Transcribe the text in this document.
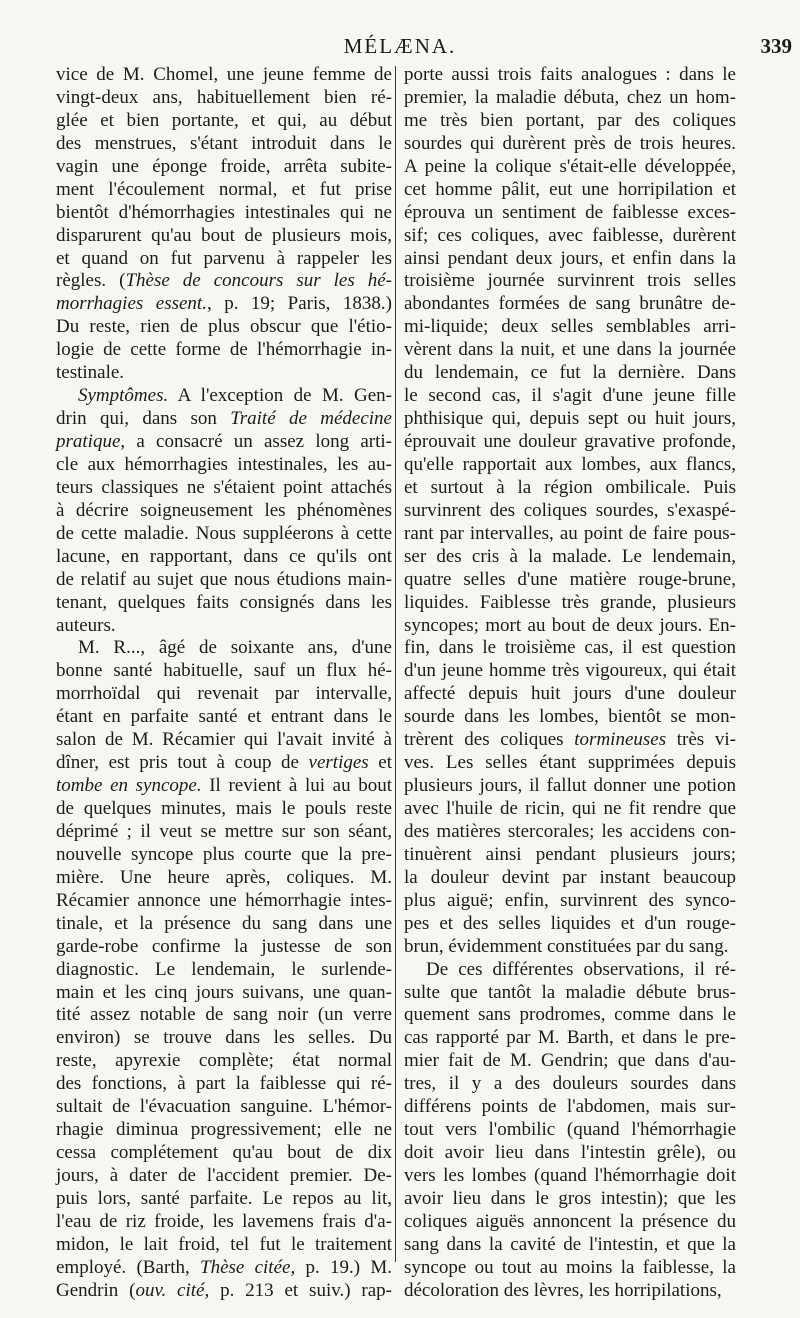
MÉLÆNA.	339
vice de M. Chomel, une jeune femme de
vingt-deux ans, habituellement bien ré-
glée et bien portante, et qui, au début
des menstrues, s'étant introduit dans le
vagin une éponge froide, arrêta subite-
ment l'écoulement normal, et fut prise
bientôt d'hémorrhagies intestinales qui ne
disparurent qu'au bout de plusieurs mois,
et quand on fut parvenu à rappeler les
règles. (Thèse de concours sur les hé-
morrhagies essent., p. 19; Paris, 1838.)
Du reste, rien de plus obscur que l'étio-
logie de cette forme de l'hémorrhagie in-
testinale.
Symptômes. A l'exception de M. Gen-
drin qui, dans son Traité de médecine
pratique, a consacré un assez long arti-
cle aux hémorrhagies intestinales, les au-
teurs classiques ne s'étaient point attachés
à décrire soigneusement les phénomènes
de cette maladie. Nous suppléerons à cette
lacune, en rapportant, dans ce qu'ils ont
de relatif au sujet que nous étudions main-
tenant, quelques faits consignés dans les
auteurs.
M. R..., âgé de soixante ans, d'une
bonne santé habituelle, sauf un flux hé-
morrhoïdal qui revenait par intervalle,
étant en parfaite santé et entrant dans le
salon de M. Récamier qui l'avait invité à
dîner, est pris tout à coup de vertiges et
tombe en syncope. Il revient à lui au bout
de quelques minutes, mais le pouls reste
déprimé ; il veut se mettre sur son séant,
nouvelle syncope plus courte que la pre-
mière. Une heure après, coliques. M.
Récamier annonce une hémorrhagie intes-
tinale, et la présence du sang dans une
garde-robe confirme la justesse de son
diagnostic. Le lendemain, le surlende-
main et les cinq jours suivans, une quan-
tité assez notable de sang noir (un verre
environ) se trouve dans les selles. Du
reste, apyrexie complète; état normal
des fonctions, à part la faiblesse qui ré-
sultait de l'évacuation sanguine. L'hémor-
rhagie diminua progressivement; elle ne
cessa complétement qu'au bout de dix
jours, à dater de l'accident premier. De-
puis lors, santé parfaite. Le repos au lit,
l'eau de riz froide, les lavemens frais d'a-
midon, le lait froid, tel fut le traitement
employé. (Barth, Thèse citée, p. 19.) M.
Gendrin (ouv. cité, p. 213 et suiv.) rap-
porte aussi trois faits analogues : dans le
premier, la maladie débuta, chez un hom-
me très bien portant, par des coliques
sourdes qui durèrent près de trois heures.
A peine la colique s'était-elle développée,
cet homme pâlit, eut une horripilation et
éprouva un sentiment de faiblesse exces-
sif; ces coliques, avec faiblesse, durèrent
ainsi pendant deux jours, et enfin dans la
troisième journée survinrent trois selles
abondantes formées de sang brunâtre de-
mi-liquide; deux selles semblables arri-
vèrent dans la nuit, et une dans la journée
du lendemain, ce fut la dernière. Dans
le second cas, il s'agit d'une jeune fille
phthisique qui, depuis sept ou huit jours,
éprouvait une douleur gravative profonde,
qu'elle rapportait aux lombes, aux flancs,
et surtout à la région ombilicale. Puis
survinrent des coliques sourdes, s'exaspé-
rant par intervalles, au point de faire pous-
ser des cris à la malade. Le lendemain,
quatre selles d'une matière rouge-brune,
liquides. Faiblesse très grande, plusieurs
syncopes; mort au bout de deux jours. En-
fin, dans le troisième cas, il est question
d'un jeune homme très vigoureux, qui était
affecté depuis huit jours d'une douleur
sourde dans les lombes, bientôt se mon-
trèrent des coliques tormineuses très vi-
ves. Les selles étant supprimées depuis
plusieurs jours, il fallut donner une potion
avec l'huile de ricin, qui ne fit rendre que
des matières stercorales; les accidens con-
tinuèrent ainsi pendant plusieurs jours;
la douleur devint par instant beaucoup
plus aiguë; enfin, survinrent des synco-
pes et des selles liquides et d'un rouge-
brun, évidemment constituées par du sang.
De ces différentes observations, il ré-
sulte que tantôt la maladie débute brus-
quement sans prodromes, comme dans le
cas rapporté par M. Barth, et dans le pre-
mier fait de M. Gendrin; que dans d'au-
tres, il y a des douleurs sourdes dans
différens points de l'abdomen, mais sur-
tout vers l'ombilic (quand l'hémorrhagie
doit avoir lieu dans l'intestin grêle), ou
vers les lombes (quand l'hémorrhagie doit
avoir lieu dans le gros intestin); que les
coliques aiguës annoncent la présence du
sang dans la cavité de l'intestin, et que la
syncope ou tout au moins la faiblesse, la
décoloration des lèvres, les horripilations,
